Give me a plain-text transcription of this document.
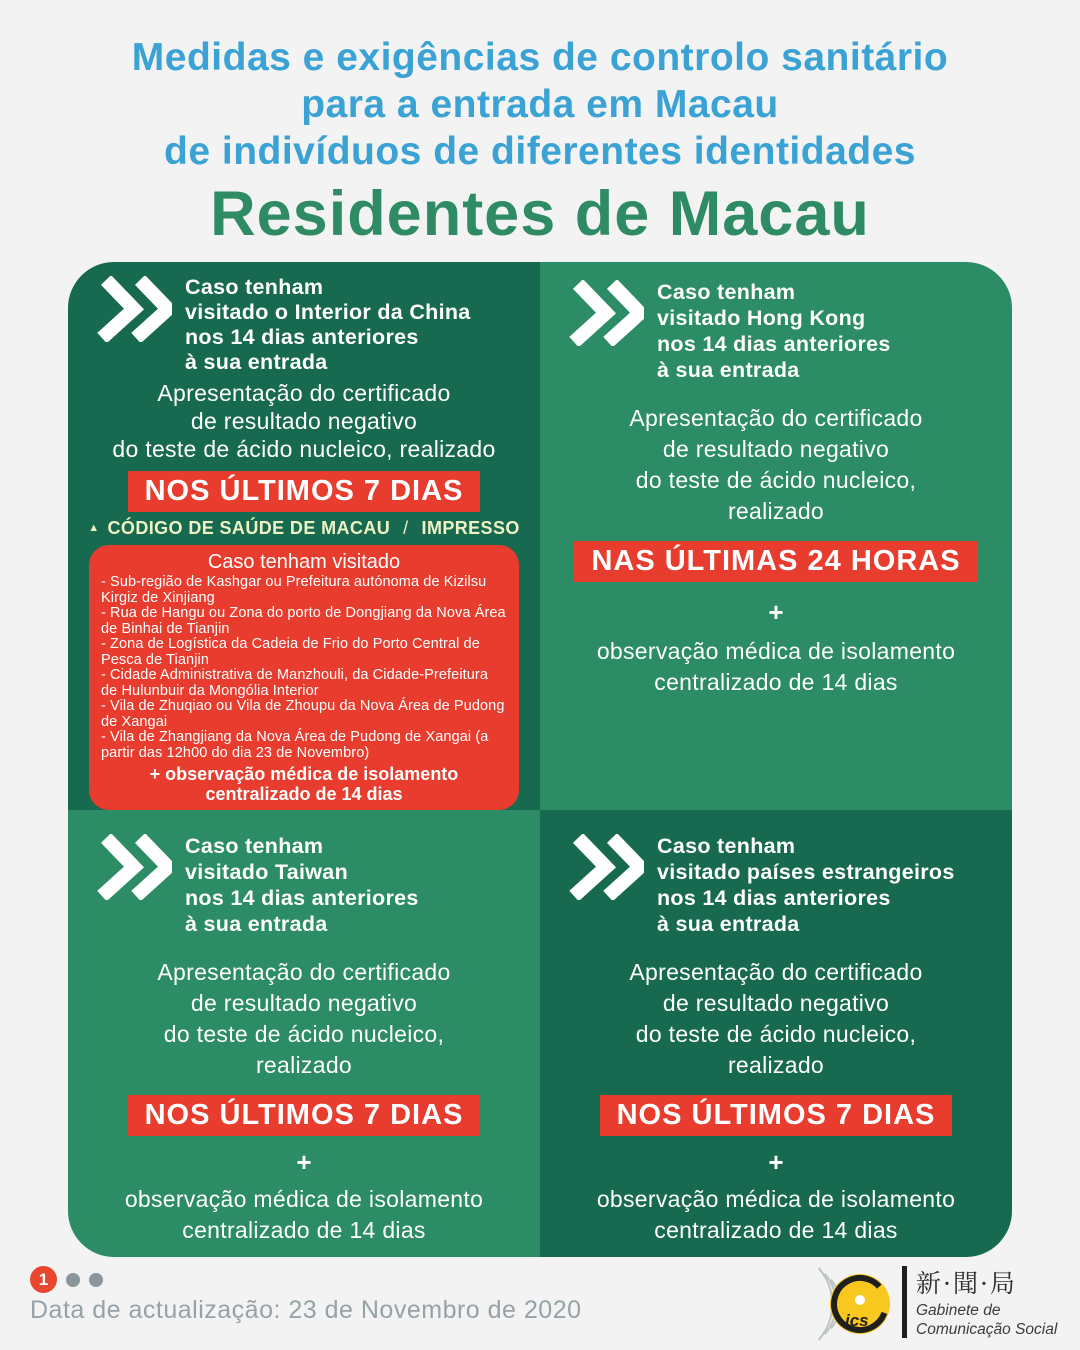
Medidas e exigências de controlo sanitário
para a entrada em Macau
de indivíduos de diferentes identidades
Residentes de Macau
Caso tenham
visitado o Interior da China
nos 14 dias anteriores
à sua entrada
Apresentação do certificado
de resultado negativo
do teste de ácido nucleico, realizado
NOS ÚLTIMOS 7 DIAS
▲ CÓDIGO DE SAÚDE DE MACAU / IMPRESSO
Caso tenham visitado
- Sub-região de Kashgar ou Prefeitura autónoma de Kizilsu Kirgiz de Xinjiang
- Rua de Hangu ou Zona do porto de Dongjiang da Nova Área de Binhai de Tianjin
- Zona de Logística da Cadeia de Frio do Porto Central de Pesca de Tianjin
- Cidade Administrativa de Manzhouli, da Cidade-Prefeitura de Hulunbuir da Mongólia Interior
- Vila de Zhuqiao ou Vila de Zhoupu da Nova Área de Pudong de Xangai
- Vila de Zhangjiang da Nova Área de Pudong de Xangai (a partir das 12h00 do dia 23 de Novembro)
+ observação médica de isolamento
centralizado de 14 dias
Caso tenham
visitado Hong Kong
nos 14 dias anteriores
à sua entrada
Apresentação do certificado
de resultado negativo
do teste de ácido nucleico,
realizado
NAS ÚLTIMAS 24 HORAS
+
observação médica de isolamento
centralizado de 14 dias
Caso tenham
visitado Taiwan
nos 14 dias anteriores
à sua entrada
Apresentação do certificado
de resultado negativo
do teste de ácido nucleico,
realizado
NOS ÚLTIMOS 7 DIAS
+
observação médica de isolamento
centralizado de 14 dias
Caso tenham
visitado países estrangeiros
nos 14 dias anteriores
à sua entrada
Apresentação do certificado
de resultado negativo
do teste de ácido nucleico,
realizado
NOS ÚLTIMOS 7 DIAS
+
observação médica de isolamento
centralizado de 14 dias
1
Data de actualização: 23 de Novembro de 2020	ics
新·聞·局
Gabinete de
Comunicação Social
